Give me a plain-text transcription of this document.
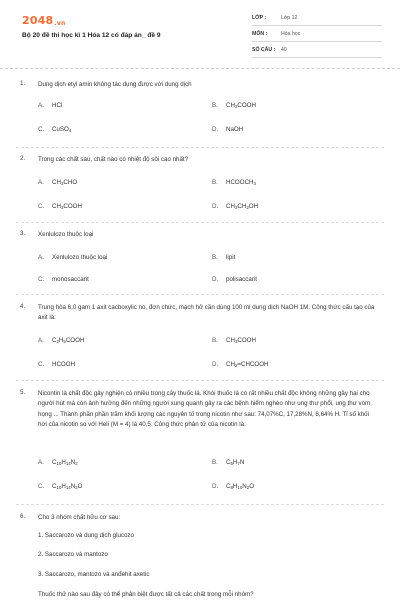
2048.vn
Bộ 20 đề thi học kì 1 Hóa 12 có đáp án_ đề 9
LỚP :	Lớp 12
MÔN :	Hóa học
SỐ CÂU :	40
1. Dung dịch etyl amin không tác dụng được với dung dịch
A. HCl	B. $CH_3COOH$
C. CuSO$_4$	D. NaOH
2. Trong các chất sau, chất nào có nhiệt độ sôi cao nhất?
A. $CH_3CHO$	B. $HCOOCH_3$
C. $CH_3COOH$	D. $CH_3CH_2OH$
3. Xenlulozo thuộc loại
A. Xenlulozo thuộc loại	B. lipit
C. monosaccarit	D. polisaccarit
4. Trung hòa 6,0 gam 1 axit cacboxylic no, đơn chức, mạch hở cần dùng 100 ml dung dịch NaOH 1M. Công thức cấu tạo của axit là:
A. $C_2H_5COOH$	B. $CH_3COOH$
C. HCOOH	D. $CH_2=CHCOOH$
5. Nicontin là chất độc gây nghiện có nhiều trong cây thuốc lá. Khói thuốc lá có rất nhiều chất độc không những gây hại cho người hút mà còn ảnh hưởng đến những người xung quanh gây ra các bệnh hiểm nghèo như ung thư phổi, ung thư vòm họng ... Thành phần phần trăm khối lượng các nguyên tố trong nicotin như sau: 74,07%C, 17,28%N, 8,64% H. Tỉ số khối hơi của nicotin so với Heli (M = 4) là 40,5. Công thức phân tử của nicotin là:
A. $C_{10}H_{14}N_2$	B. $C_5H_7N$
C. $C_{10}H_{14}N_2O$	D. $C_8H_{10}N_2O$
6. Cho 3 nhóm chất hữu cơ sau:
1. Saccarozo và dung dịch glucozo
2. Saccarozo và mantozo
3. Saccarozo, mantozo và anđehit axetic
Thuốc thử nào sau đây có thể phân biệt được tất cả các chất trong mỗi nhóm?
